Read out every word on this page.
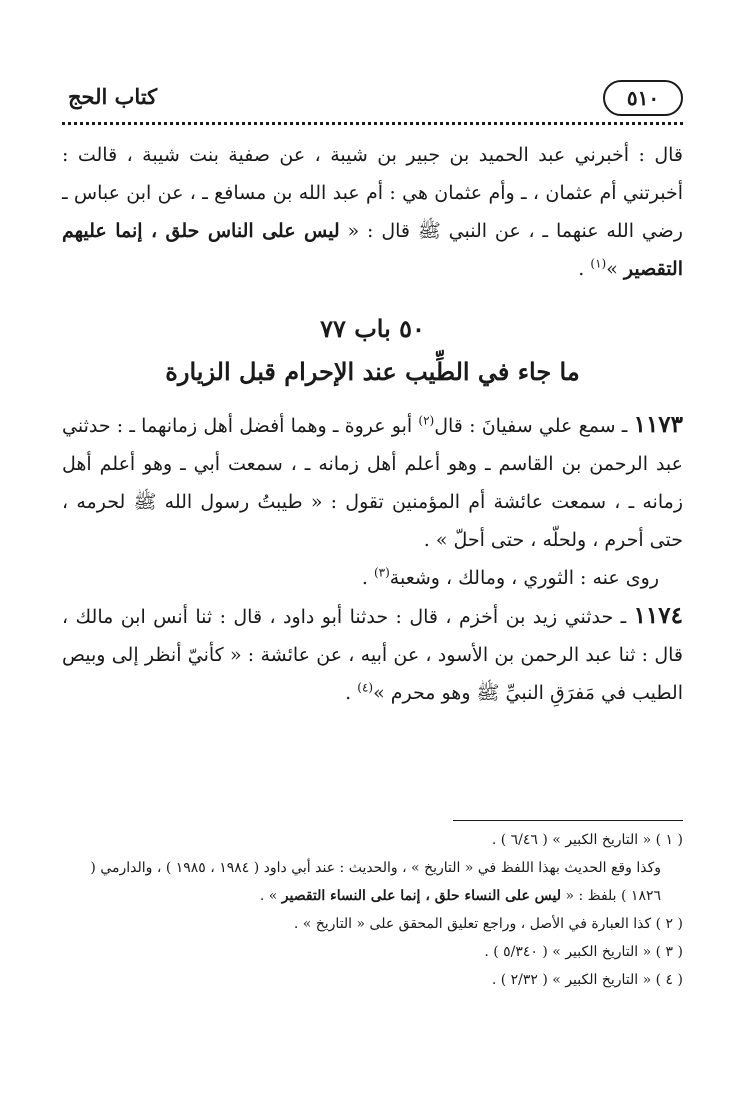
كتاب الحج	٥١٠

قال : أخبرني عبد الحميد بن جبير بن شيبة ، عن صفية بنت شيبة ، قالت : أخبرتني أم عثمان ، ـ وأم عثمان هي : أم عبد الله بن مسافع ـ ، عن ابن عباس ـ رضي الله عنهما ـ ، عن النبي ﷺ قال : « ليس على الناس حلق ، إنما عليهم التقصير »$^{(١)}$ .

٥٠ باب ٧٧
ما جاء في الطِّيب عند الإحرام قبل الزيارة

١١٧٣ ـ سمع علي سفيانَ : قال$^{(٢)}$ أبو عروة ـ وهما أفضل أهل زمانهما ـ : حدثني عبد الرحمن بن القاسم ـ وهو أعلم أهل زمانه ـ ، سمعت أبي ـ وهو أعلم أهل زمانه ـ ، سمعت عائشة أم المؤمنين تقول : « طيبتُ رسول الله ﷺ لحرمه ، حتى أحرم ، ولحلّه ، حتى أحلّ » .

روى عنه : الثوري ، ومالك ، وشعبة$^{(٣)}$ .

١١٧٤ ـ حدثني زيد بن أخزم ، قال : حدثنا أبو داود ، قال : ثنا أنس ابن مالك ، قال : ثنا عبد الرحمن بن الأسود ، عن أبيه ، عن عائشة : « كأنيّ أنظر إلى وبيص الطيب في مَفرَقِ النبيِّ ﷺ وهو محرم »$^{(٤)}$ .

( ١ ) « التاريخ الكبير » ( ٦/٤٦ ) .

وكذا وقع الحديث بهذا اللفظ في « التاريخ » ، والحديث : عند أبي داود ( ١٩٨٤ ، ١٩٨٥ ) ، والدارمي ( ١٨٢٦ ) بلفظ : « ليس على النساء حلق ، إنما على النساء التقصير » .

( ٢ ) كذا العبارة في الأصل ، وراجع تعليق المحقق على « التاريخ » .

( ٣ ) « التاريخ الكبير » ( ٥/٣٤٠ ) .

( ٤ ) « التاريخ الكبير » ( ٢/٣٢ ) .
